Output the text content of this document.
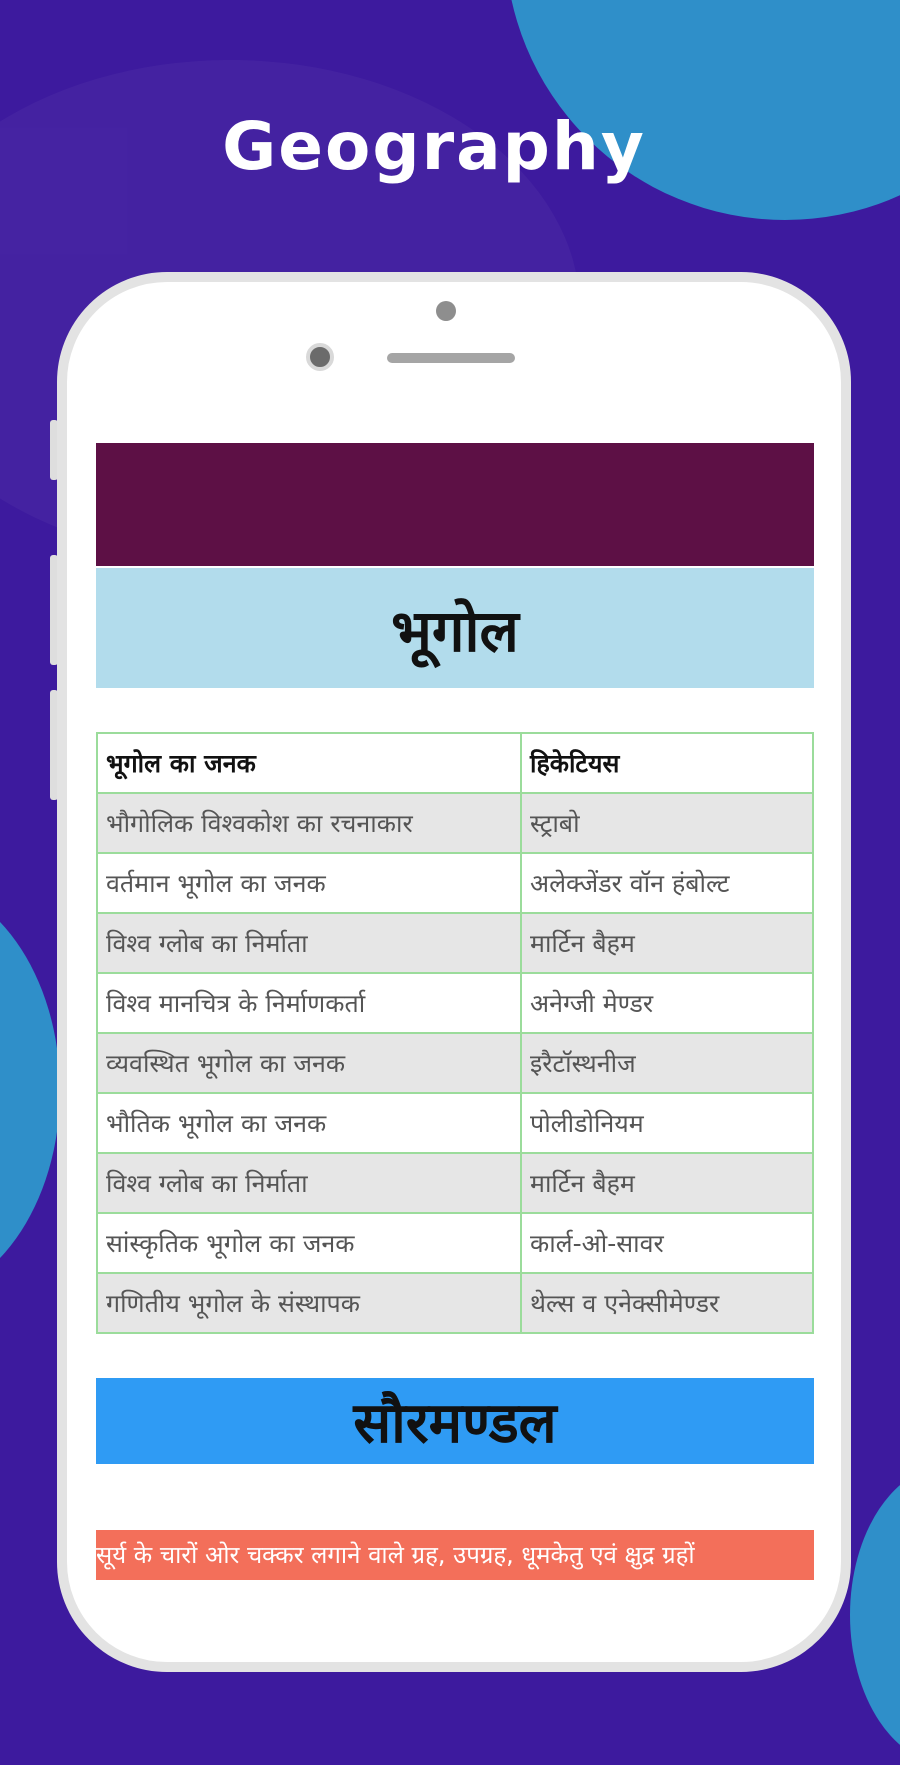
Geography
भूगोल
भूगोल का जनक	हिकेटियस
भौगोलिक विश्वकोश का रचनाकार	स्ट्राबो
वर्तमान भूगोल का जनक	अलेक्जेंडर वॉन हंबोल्ट
विश्व ग्लोब का निर्माता	मार्टिन बैहम
विश्व मानचित्र के निर्माणकर्ता	अनेग्जी मेण्डर
व्यवस्थित भूगोल का जनक	इरैटॉस्थनीज
भौतिक भूगोल का जनक	पोलीडोनियम
विश्व ग्लोब का निर्माता	मार्टिन बैहम
सांस्कृतिक भूगोल का जनक	कार्ल-ओ-सावर
गणितीय भूगोल के संस्थापक	थेल्स व एनेक्सीमेण्डर
सौरमण्डल
सूर्य के चारों ओर चक्कर लगाने वाले ग्रह, उपग्रह, धूमकेतु एवं क्षुद्र ग्रहों
